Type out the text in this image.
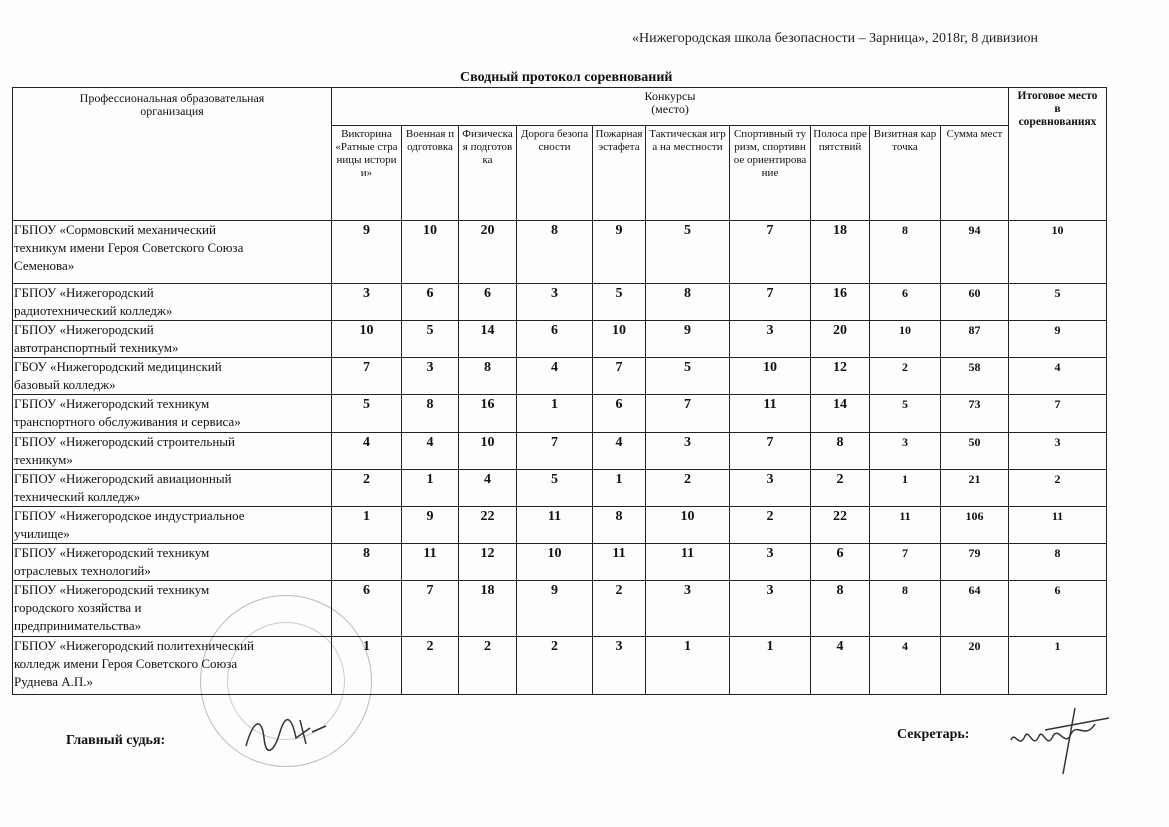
«Нижегородская школа безопасности – Зарница», 2018г, 8 дивизион
Сводный протокол соревнований
Профессиональная образовательная организация	Конкурсы
(место)										Итоговое место в соревнованиях
	Викторина «Ратные страницы истории»	Военная подготовка	Физическая подготовка	Дорога безопасности	Пожарная эстафета	Тактическая игра на местности	Спортивный туризм, спортивное ориентирование	Полоса препятствий	Визитная карточка	Сумма мест	

ГБПОУ «Сормовский механический
техникум имени Героя Советского Союза
Семенова»	9	10	20	8	9	5	7	18	8	94	10

ГБПОУ «Нижегородский
радиотехнический колледж»	3	6	6	3	5	8	7	16	6	60	5

ГБПОУ «Нижегородский
автотранспортный техникум»	10	5	14	6	10	9	3	20	10	87	9

ГБОУ «Нижегородский медицинский
базовый колледж»	7	3	8	4	7	5	10	12	2	58	4

ГБПОУ «Нижегородский техникум
транспортного обслуживания и сервиса»	5	8	16	1	6	7	11	14	5	73	7

ГБПОУ «Нижегородский строительный
техникум»	4	4	10	7	4	3	7	8	3	50	3

ГБПОУ «Нижегородский авиационный
технический колледж»	2	1	4	5	1	2	3	2	1	21	2

ГБПОУ «Нижегородское индустриальное
училище»	1	9	22	11	8	10	2	22	11	106	11

ГБПОУ «Нижегородский техникум
отраслевых технологий»	8	11	12	10	11	11	3	6	7	79	8

ГБПОУ «Нижегородский техникум
городского хозяйства и
предпринимательства»	6	7	18	9	2	3	3	8	8	64	6

ГБПОУ «Нижегородский политехнический
колледж имени Героя Советского Союза
Руднева А.П.»	1	2	2	2	3	1	1	4	4	20	1
Главный судья:	Секретарь:
